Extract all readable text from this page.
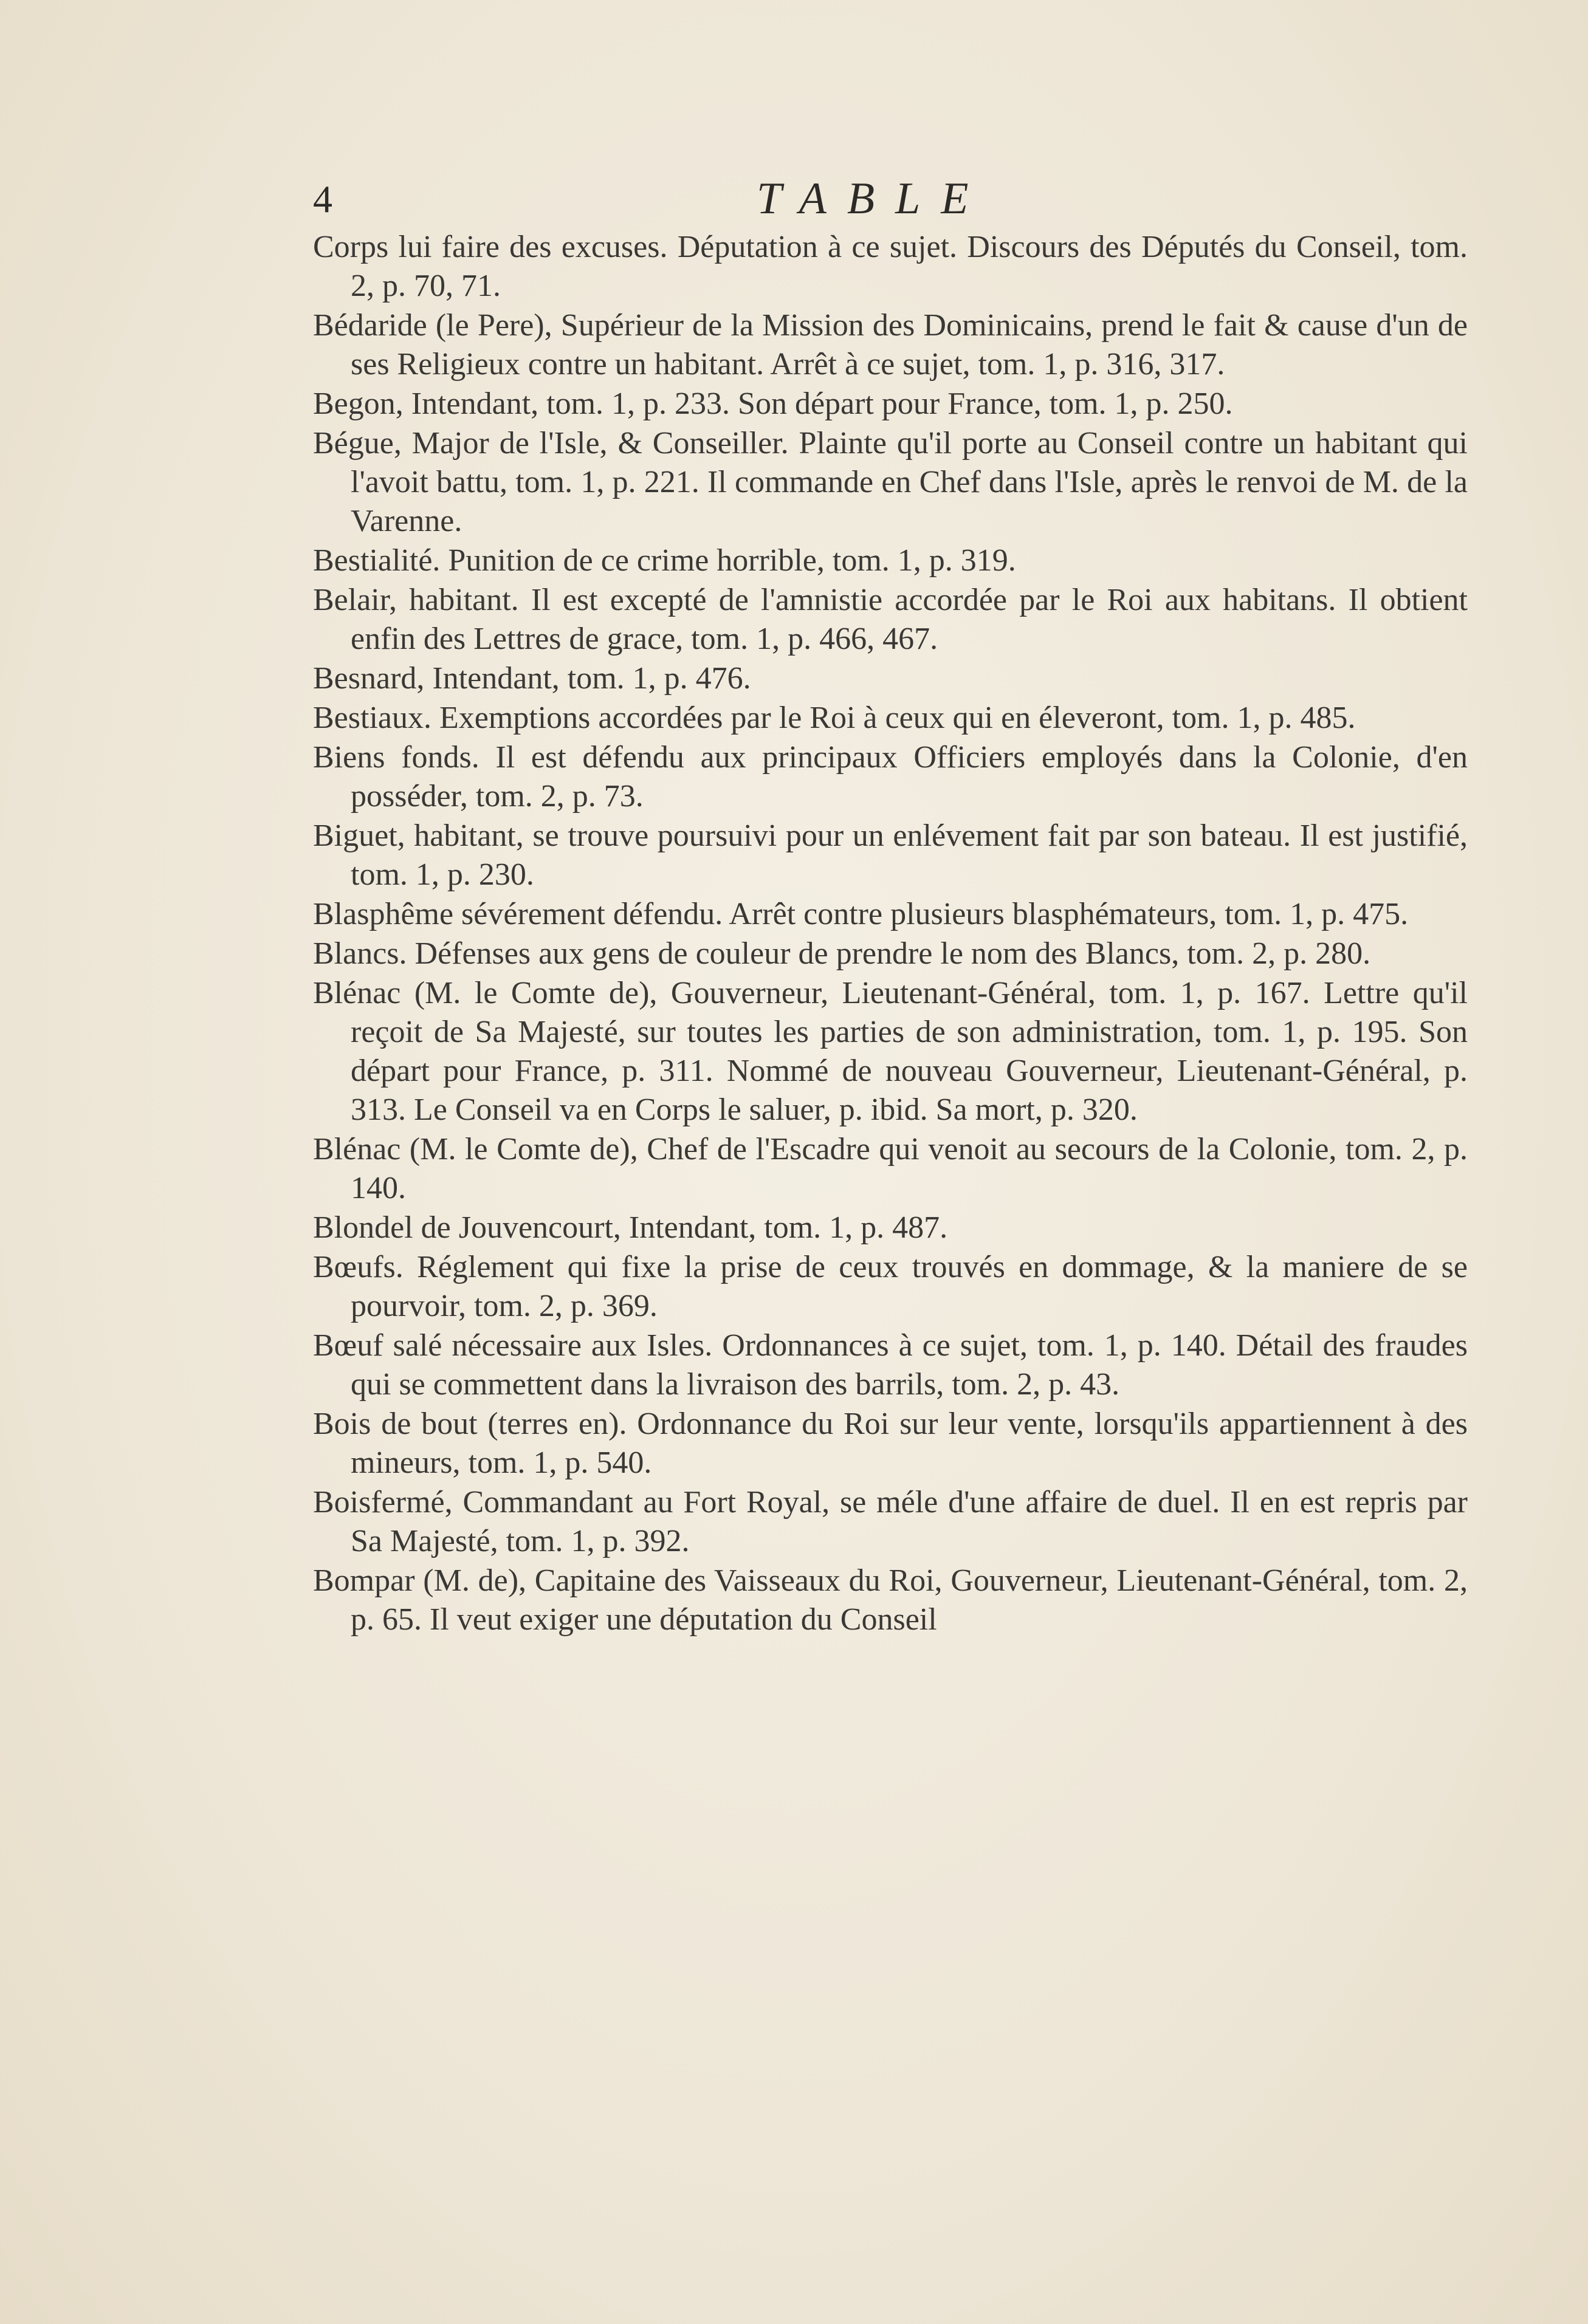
4	TABLE

Corps lui faire des excuses. Députation à ce sujet. Discours des Députés du Conseil, tom. 2, p. 70, 71.

Bédaride (le Pere), Supérieur de la Mission des Dominicains, prend le fait & cause d'un de ses Religieux contre un habitant. Arrêt à ce sujet, tom. 1, p. 316, 317.

Begon, Intendant, tom. 1, p. 233. Son départ pour France, tom. 1, p. 250.

Bégue, Major de l'Isle, & Conseiller. Plainte qu'il porte au Conseil contre un habitant qui l'avoit battu, tom. 1, p. 221. Il commande en Chef dans l'Isle, après le renvoi de M. de la Varenne.

Bestialité. Punition de ce crime horrible, tom. 1, p. 319.

Belair, habitant. Il est excepté de l'amnistie accordée par le Roi aux habitans. Il obtient enfin des Lettres de grace, tom. 1, p. 466, 467.

Besnard, Intendant, tom. 1, p. 476.

Bestiaux. Exemptions accordées par le Roi à ceux qui en éleveront, tom. 1, p. 485.

Biens fonds. Il est défendu aux principaux Officiers employés dans la Colonie, d'en posséder, tom. 2, p. 73.

Biguet, habitant, se trouve poursuivi pour un enlévement fait par son bateau. Il est justifié, tom. 1, p. 230.

Blasphême sévérement défendu. Arrêt contre plusieurs blasphémateurs, tom. 1, p. 475.

Blancs. Défenses aux gens de couleur de prendre le nom des Blancs, tom. 2, p. 280.

Blénac (M. le Comte de), Gouverneur, Lieutenant-Général, tom. 1, p. 167. Lettre qu'il reçoit de Sa Majesté, sur toutes les parties de son administration, tom. 1, p. 195. Son départ pour France, p. 311. Nommé de nouveau Gouverneur, Lieutenant-Général, p. 313. Le Conseil va en Corps le saluer, p. ibid. Sa mort, p. 320.

Blénac (M. le Comte de), Chef de l'Escadre qui venoit au secours de la Colonie, tom. 2, p. 140.

Blondel de Jouvencourt, Intendant, tom. 1, p. 487.

Bœufs. Réglement qui fixe la prise de ceux trouvés en dommage, & la maniere de se pourvoir, tom. 2, p. 369.

Bœuf salé nécessaire aux Isles. Ordonnances à ce sujet, tom. 1, p. 140. Détail des fraudes qui se commettent dans la livraison des barrils, tom. 2, p. 43.

Bois de bout (terres en). Ordonnance du Roi sur leur vente, lorsqu'ils appartiennent à des mineurs, tom. 1, p. 540.

Boisfermé, Commandant au Fort Royal, se méle d'une affaire de duel. Il en est repris par Sa Majesté, tom. 1, p. 392.

Bompar (M. de), Capitaine des Vaisseaux du Roi, Gouverneur, Lieutenant-Général, tom. 2, p. 65. Il veut exiger une députation du Conseil
